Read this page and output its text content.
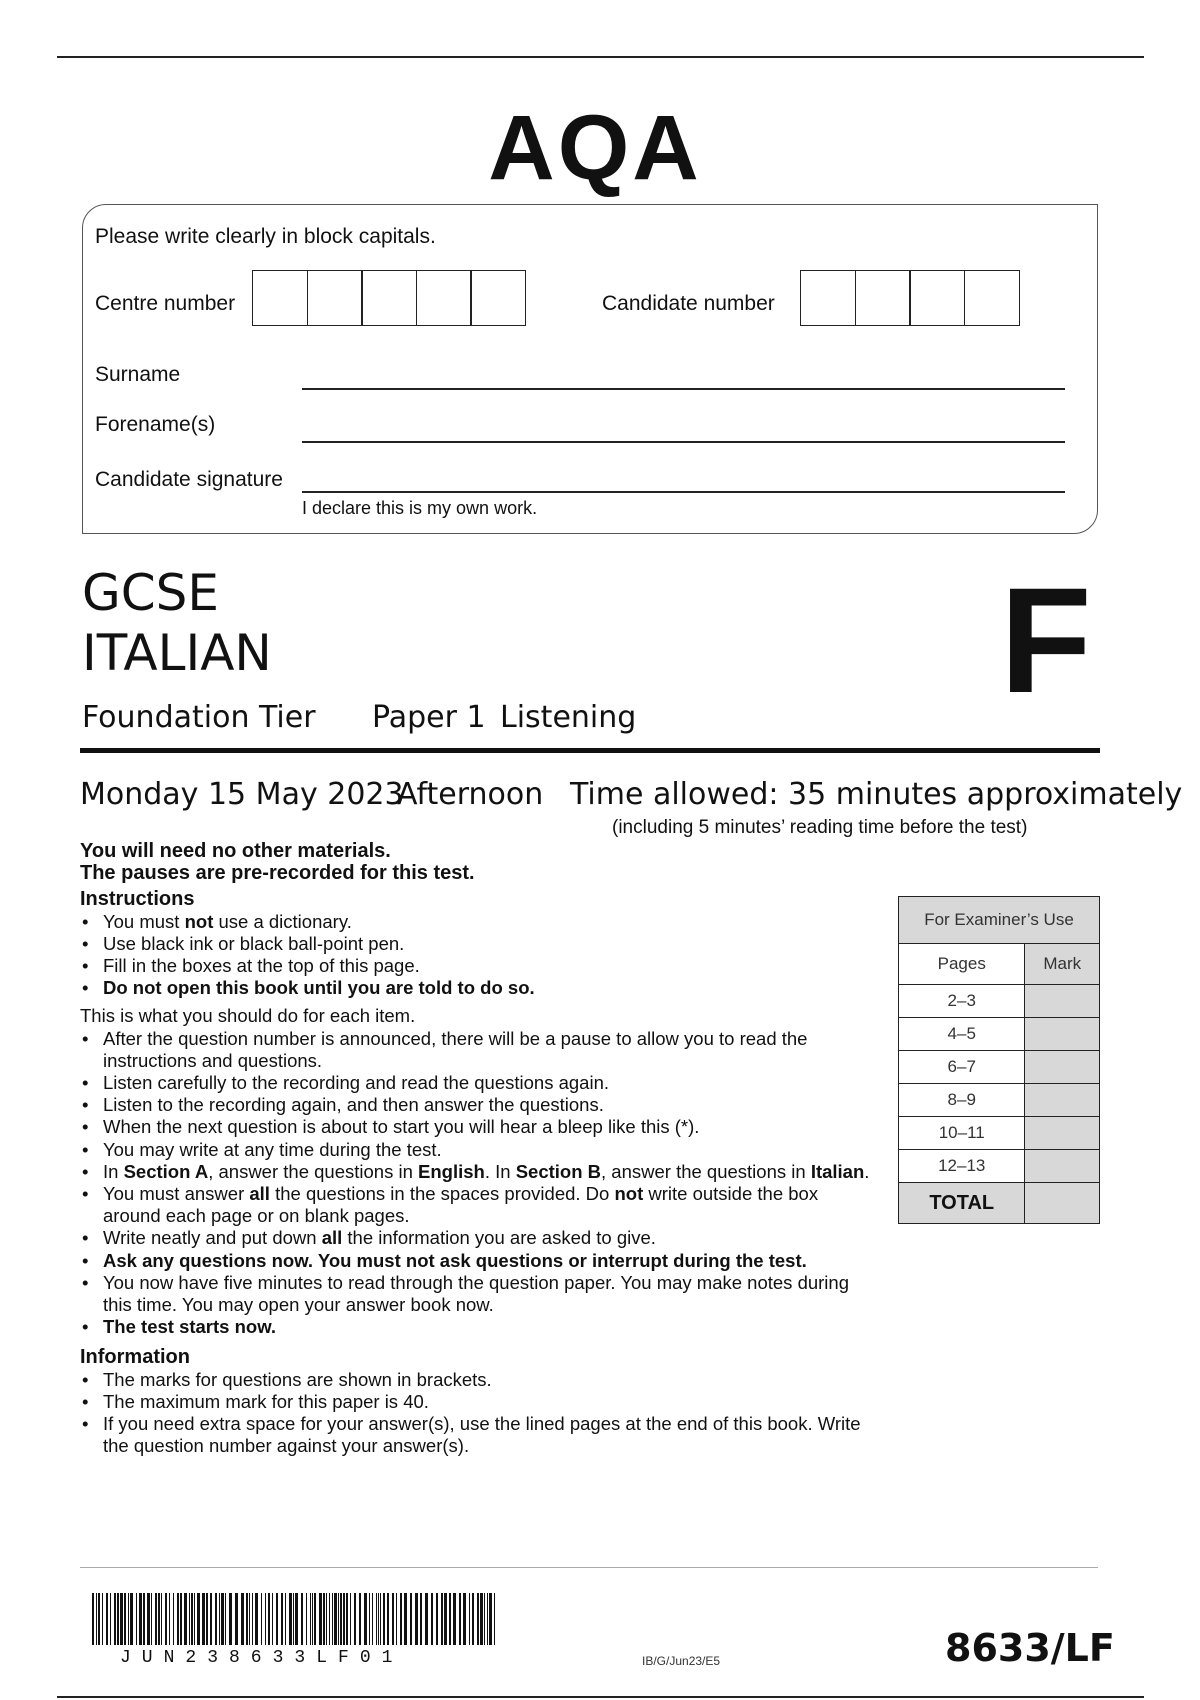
AQA
Please write clearly in block capitals.
Centre number	Candidate number
Surname
Forename(s)
Candidate signature
I declare this is my own work.
GCSE
ITALIAN	F
Foundation Tier Paper 1 Listening
Monday 15 May 2023
Afternoon Time allowed: 35 minutes approximately
(including 5 minutes’ reading time before the test)
You will need no other materials.
The pauses are pre-recorded for this test.
Instructions
• You must not use a dictionary.
• Use black ink or black ball-point pen.
• Fill in the boxes at the top of this page.
• Do not open this book until you are told to do so.
This is what you should do for each item.
• After the question number is announced, there will be a pause to allow you to read the instructions and questions.
• Listen carefully to the recording and read the questions again.
• Listen to the recording again, and then answer the questions.
• When the next question is about to start you will hear a bleep like this (*).
• You may write at any time during the test.
• In Section A, answer the questions in English. In Section B, answer the questions in Italian.
• You must answer all the questions in the spaces provided. Do not write outside the box around each page or on blank pages.
• Write neatly and put down all the information you are asked to give.
• Ask any questions now. You must not ask questions or interrupt during the test.
• You now have five minutes to read through the question paper. You may make notes during this time. You may open your answer book now.
• The test starts now.
Information
• The marks for questions are shown in brackets.
• The maximum mark for this paper is 40.
• If you need extra space for your answer(s), use the lined pages at the end of this book. Write the question number against your answer(s).
For Examiner’s Use	
Pages	Mark
2–3	
4–5	
6–7	
8–9	
10–11	
12–13	
TOTAL	
JUN238633LF01	IB/G/Jun23/E5	8633/LF
